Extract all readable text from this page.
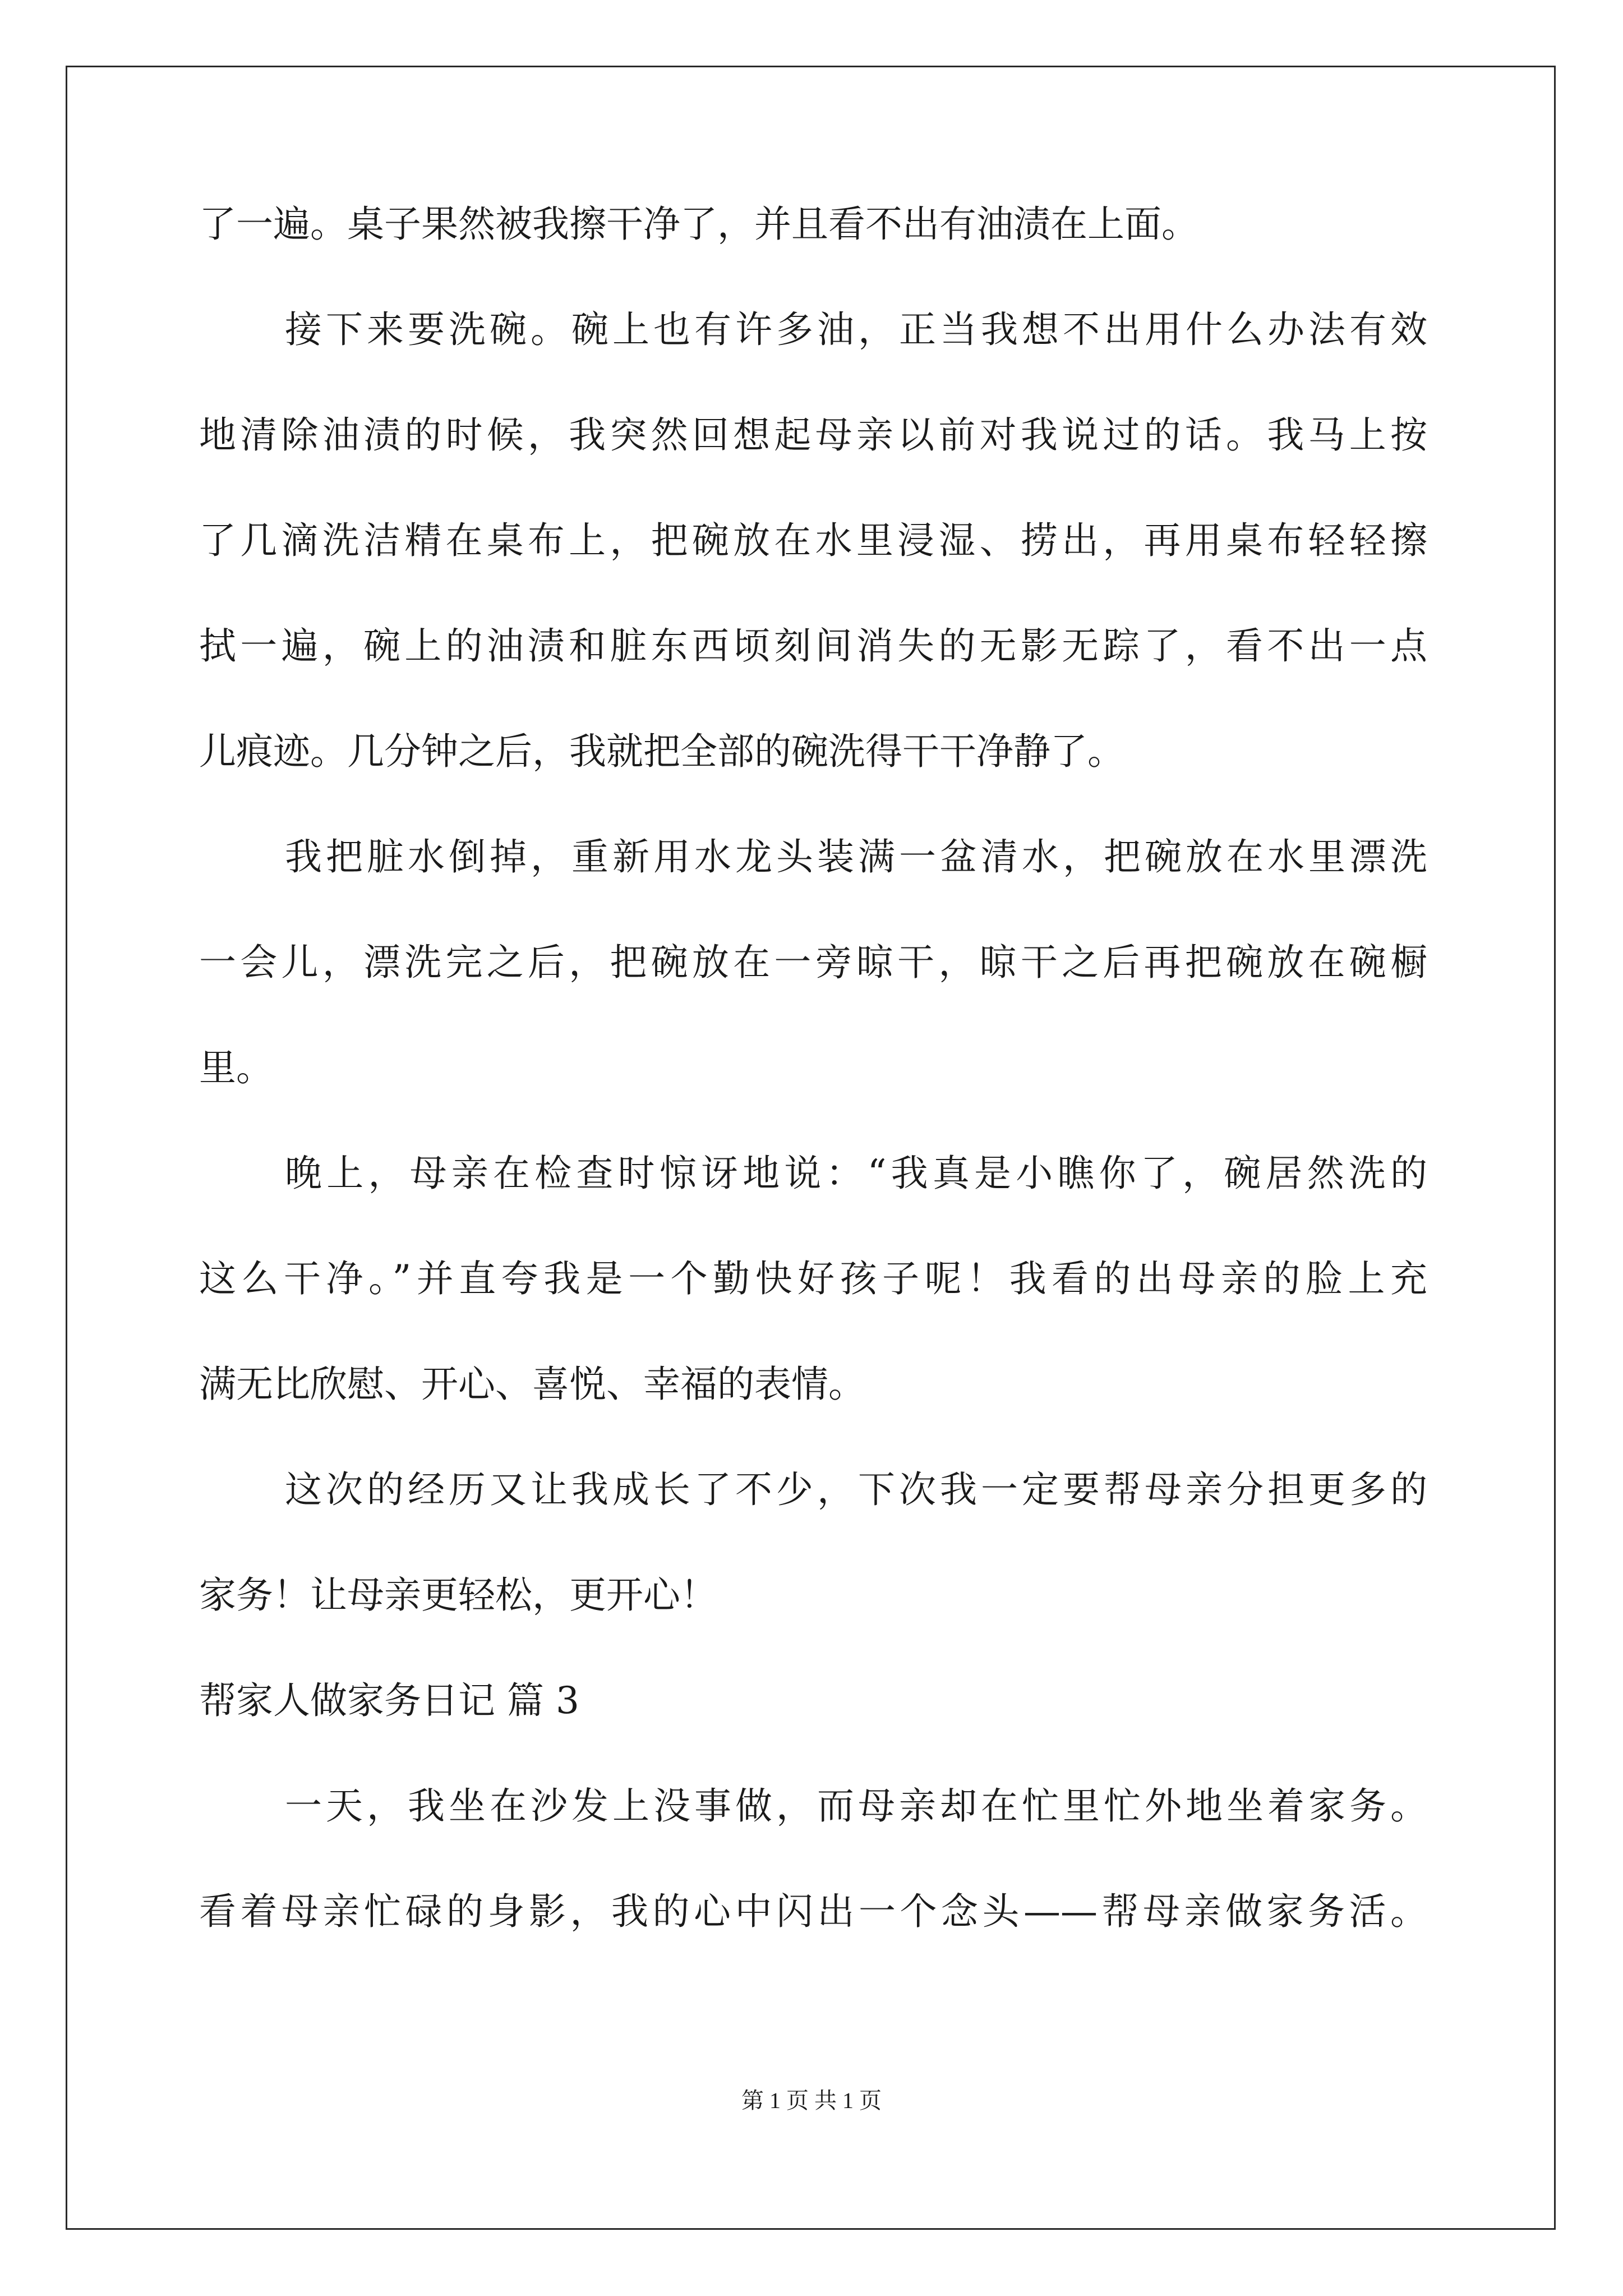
了一遍。桌子果然被我擦干净了，并且看不出有油渍在上面。
接下来要洗碗。碗上也有许多油，正当我想不出用什么办法有效
地清除油渍的时候，我突然回想起母亲以前对我说过的话。我马上按
了几滴洗洁精在桌布上，把碗放在水里浸湿、捞出，再用桌布轻轻擦
拭一遍，碗上的油渍和脏东西顷刻间消失的无影无踪了，看不出一点
儿痕迹。几分钟之后，我就把全部的碗洗得干干净静了。
我把脏水倒掉，重新用水龙头装满一盆清水，把碗放在水里漂洗
一会儿，漂洗完之后，把碗放在一旁晾干，晾干之后再把碗放在碗橱
里。
晚上，母亲在检查时惊讶地说：“我真是小瞧你了，碗居然洗的
这么干净。”并直夸我是一个勤快好孩子呢！我看的出母亲的脸上充
满无比欣慰、开心、喜悦、幸福的表情。
这次的经历又让我成长了不少，下次我一定要帮母亲分担更多的
家务！让母亲更轻松，更开心！
帮家人做家务日记 篇 3
一天，我坐在沙发上没事做，而母亲却在忙里忙外地坐着家务。
看着母亲忙碌的身影，我的心中闪出一个念头——帮母亲做家务活。
第 1 页 共 1 页
